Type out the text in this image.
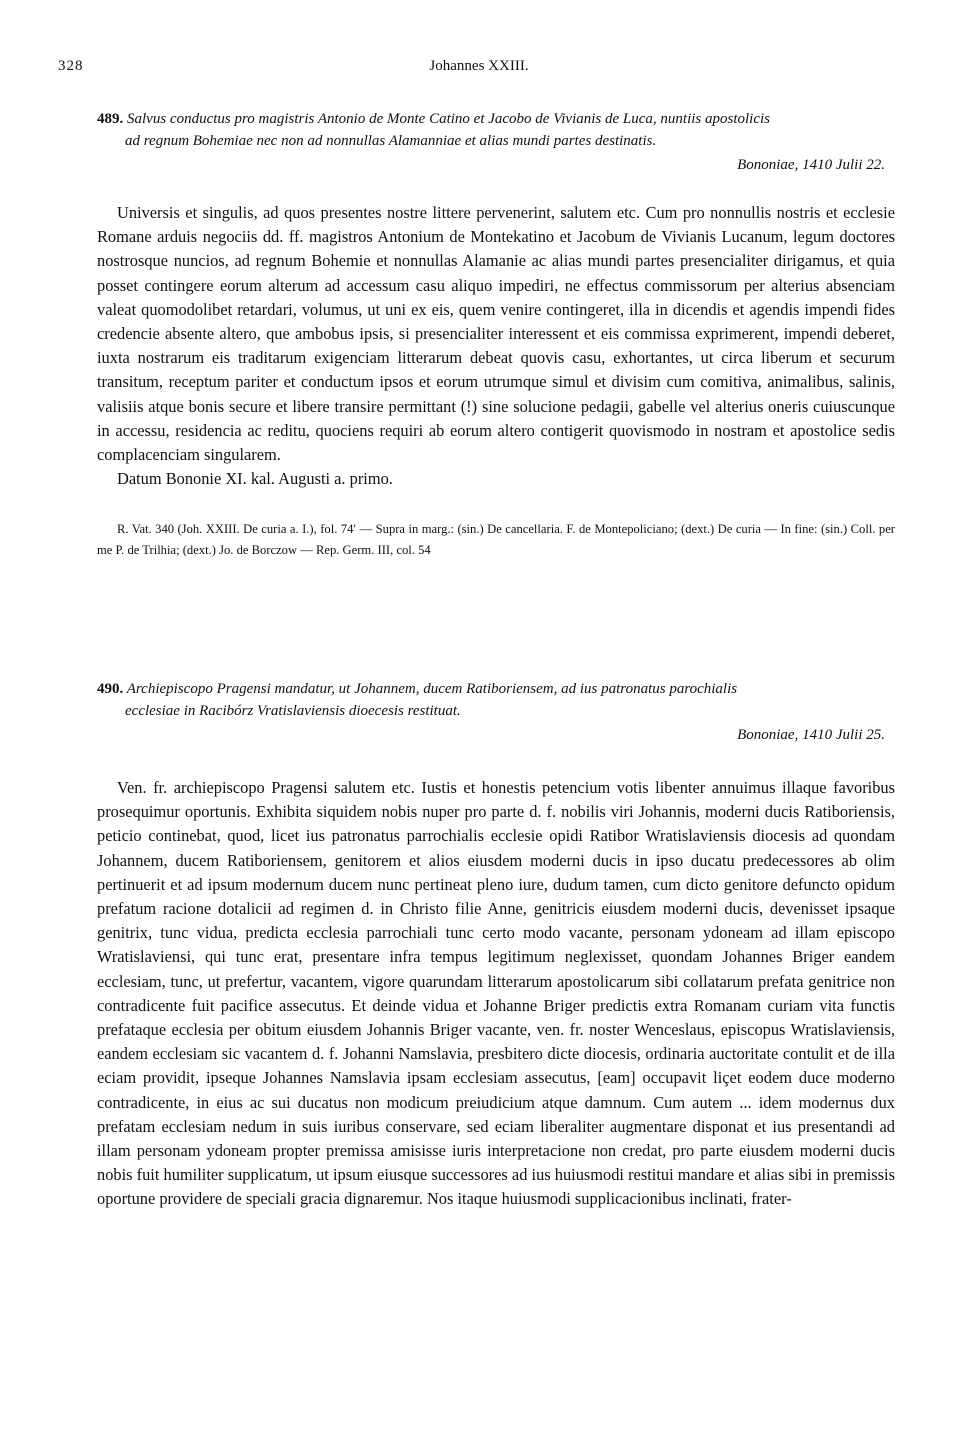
328	Johannes XXIII.
489. Salvus conductus pro magistris Antonio de Monte Catino et Jacobo de Vivianis de Luca, nuntiis apostolicis
ad regnum Bohemiae nec non ad nonnullas Alamanniae et alias mundi partes destinatis.
Bononiae, 1410 Julii 22.

Universis et singulis, ad quos presentes nostre littere pervenerint, salutem etc. Cum pro nonnullis nostris et ecclesie Romane arduis negociis dd. ff. magistros Antonium de Montekatino et Jacobum de Vivianis Lucanum, legum doctores nostrosque nuncios, ad regnum Bohemie et nonnullas Alamanie ac alias mundi partes presencialiter dirigamus, et quia posset contingere eorum alterum ad accessum casu aliquo impediri, ne effectus commissorum per alterius absenciam valeat quomodolibet retardari, volumus, ut uni ex eis, quem venire contingeret, illa in dicendis et agendis impendi fides credencie absente altero, que ambobus ipsis, si presencialiter interessent et eis commissa exprimerent, impendi deberet, iuxta nostrarum eis traditarum exigenciam litterarum debeat quovis casu, exhortantes, ut circa liberum et securum transitum, receptum pariter et conductum ipsos et eorum utrumque simul et divisim cum comitiva, animalibus, salinis, valisiis atque bonis secure et libere transire permittant (!) sine solucione pedagii, gabelle vel alterius oneris cuiuscunque in accessu, residencia ac reditu, quociens requiri ab eorum altero contigerit quovismodo in nostram et apostolice sedis complacenciam singularem.

Datum Bononie XI. kal. Augusti a. primo.

R. Vat. 340 (Joh. XXIII. De curia a. I.), fol. 74′ — Supra in marg.: (sin.) De cancellaria. F. de Montepoliciano; (dext.) De curia — In fine: (sin.) Coll. per me P. de Trilhia; (dext.) Jo. de Borczow — Rep. Germ. III, col. 54

490. Archiepiscopo Pragensi mandatur, ut Johannem, ducem Ratiboriensem, ad ius patronatus parochialis
ecclesiae in Racibórz Vratislaviensis dioecesis restituat.
Bononiae, 1410 Julii 25.

Ven. fr. archiepiscopo Pragensi salutem etc. Iustis et honestis petencium votis libenter annuimus illaque favoribus prosequimur oportunis. Exhibita siquidem nobis nuper pro parte d. f. nobilis viri Johannis, moderni ducis Ratiboriensis, peticio continebat, quod, licet ius patronatus parrochialis ecclesie opidi Ratibor Wratislaviensis diocesis ad quondam Johannem, ducem Ratiboriensem, genitorem et alios eiusdem moderni ducis in ipso ducatu predecessores ab olim pertinuerit et ad ipsum modernum ducem nunc pertineat pleno iure, dudum tamen, cum dicto genitore defuncto opidum prefatum racione dotalicii ad regimen d. in Christo filie Anne, genitricis eiusdem moderni ducis, devenisset ipsaque genitrix, tunc vidua, predicta ecclesia parrochiali tunc certo modo vacante, personam ydoneam ad illam episcopo Wratislaviensi, qui tunc erat, presentare infra tempus legitimum neglexisset, quondam Johannes Briger eandem ecclesiam, tunc, ut prefertur, vacantem, vigore quarundam litterarum apostolicarum sibi collatarum prefata genitrice non contradicente fuit pacifice assecutus. Et deinde vidua et Johanne Briger predictis extra Romanam curiam vita functis prefataque ecclesia per obitum eiusdem Johannis Briger vacante, ven. fr. noster Wenceslaus, episcopus Wratislaviensis, eandem ecclesiam sic vacantem d. f. Johanni Namslavia, presbitero dicte diocesis, ordinaria auctoritate contulit et de illa eciam providit, ipseque Johannes Namslavia ipsam ecclesiam assecutus, [eam] occupavit liçet eodem duce moderno contradicente, in eius ac sui ducatus non modicum preiudicium atque damnum. Cum autem ... idem modernus dux prefatam ecclesiam nedum in suis iuribus conservare, sed eciam liberaliter augmentare disponat et ius presentandi ad illam personam ydoneam propter premissa amisisse iuris interpretacione non credat, pro parte eiusdem moderni ducis nobis fuit humiliter supplicatum, ut ipsum eiusque successores ad ius huiusmodi restitui mandare et alias sibi in premissis oportune providere de speciali gracia dignaremur. Nos itaque huiusmodi supplicacionibus inclinati, frater-
